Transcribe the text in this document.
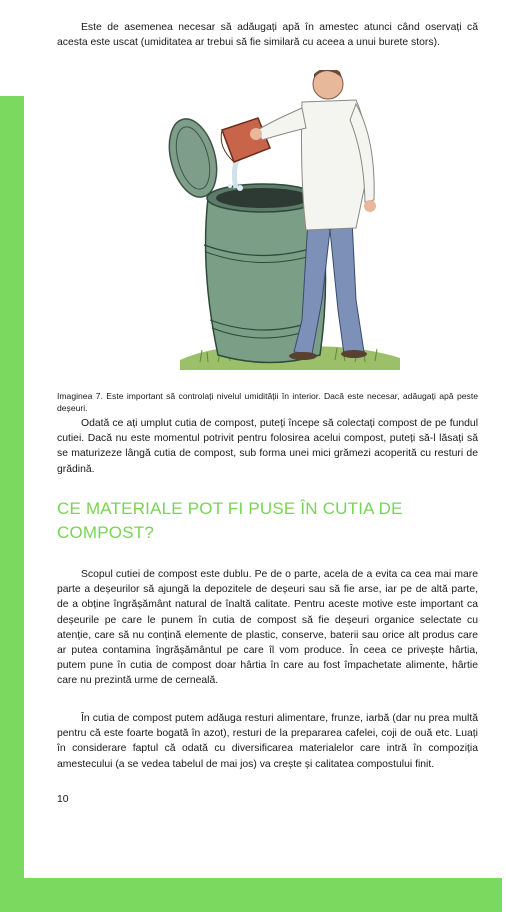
Este de asemenea necesar să adăugați apă în amestec atunci când oservați că acesta este uscat (umiditatea ar trebui să fie similară cu aceea a unui burete stors).

Imaginea 7. Este important să controlați nivelul umidității în interior. Dacă este necesar, adăugați apă peste deșeuri.

Odată ce ați umplut cutia de compost, puteți începe să colectați compost de pe fundul cutiei. Dacă nu este momentul potrivit pentru folosirea acelui compost, puteți să-l lăsați să se maturizeze lângă cutia de compost, sub forma unei mici grămezi acoperită cu resturi de grădină.

CE MATERIALE POT FI PUSE ÎN CUTIA DE COMPOST?

Scopul cutiei de compost este dublu. Pe de o parte, acela de a evita ca cea mai mare parte a deșeurilor să ajungă la depozitele de deșeuri sau să fie arse, iar pe de altă parte, de a obține îngrășământ natural de înaltă calitate. Pentru aceste motive este important ca deșeurile pe care le punem în cutia de compost să fie deșeuri organice selectate cu atenție, care să nu conțină elemente de plastic, conserve, baterii sau orice alt produs care ar putea contamina îngrășământul pe care îl vom produce. În ceea ce privește hârtia, putem pune în cutia de compost doar hârtia în care au fost împachetate alimente, hârtie care nu prezintă urme de cerneală.

În cutia de compost putem adăuga resturi alimentare, frunze, iarbă (dar nu prea multă pentru că este foarte bogată în azot), resturi de la prepararea cafelei, coji de ouă etc. Luați în considerare faptul că odată cu diversificarea materialelor care intră în compoziția amestecului (a se vedea tabelul de mai jos) va crește și calitatea compostului finit.

10
